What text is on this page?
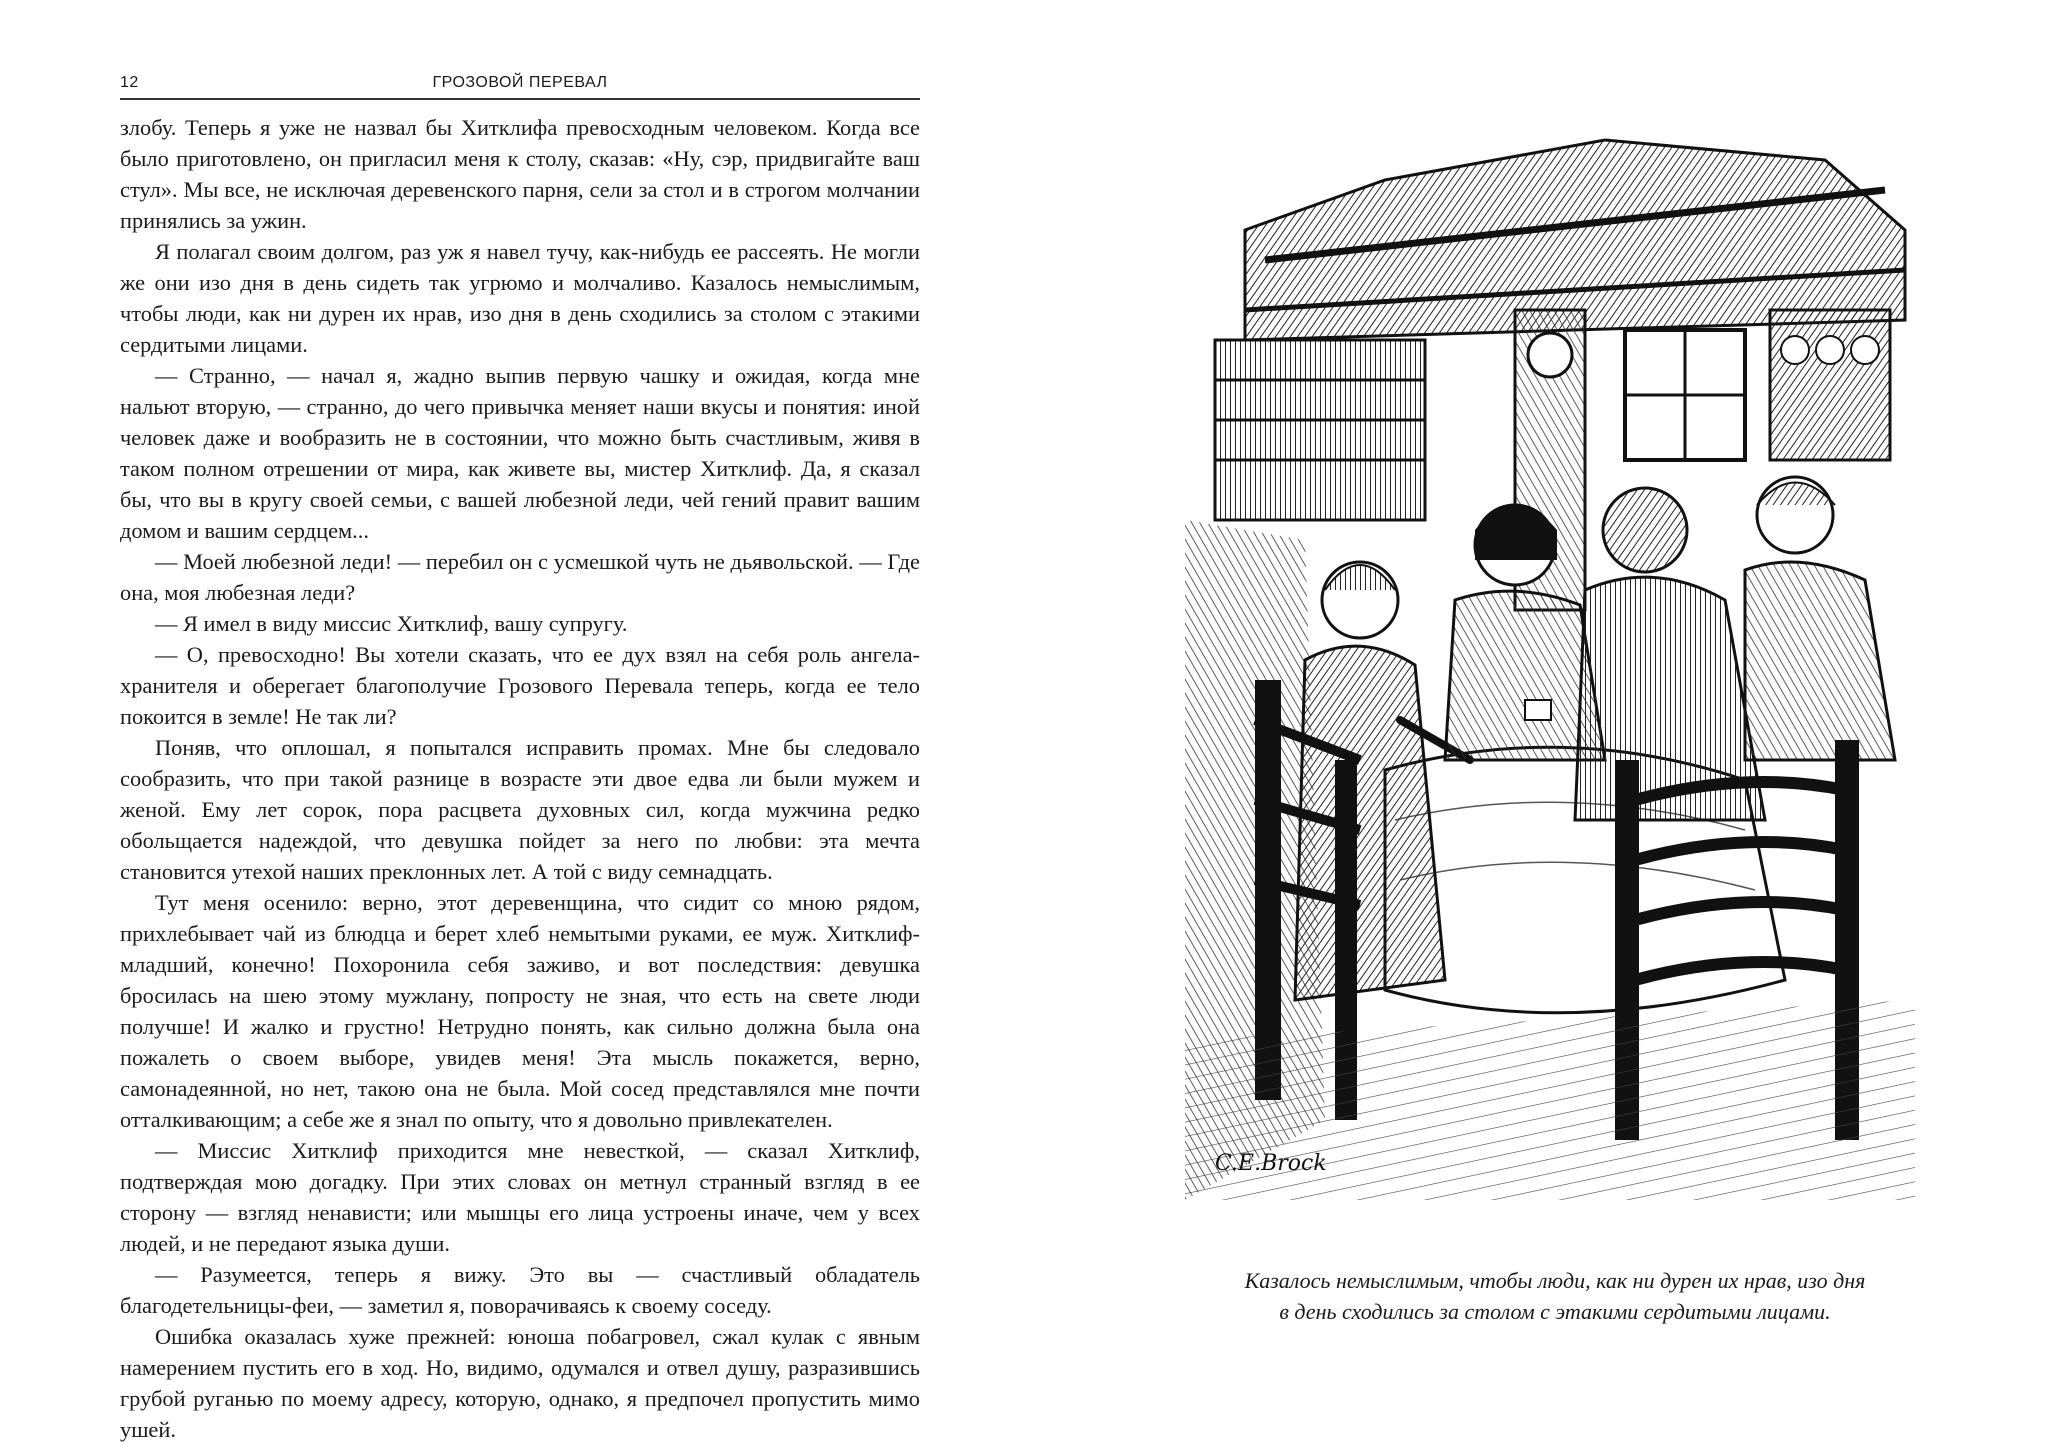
12	ГРОЗОВОЙ ПЕРЕВАЛ

злобу. Теперь я уже не назвал бы Хитклифа превосходным человеком. Когда все было приготовлено, он пригласил меня к столу, сказав: «Ну, сэр, придвигайте ваш стул». Мы все, не исключая деревенского парня, сели за стол и в строгом молчании принялись за ужин.

Я полагал своим долгом, раз уж я навел тучу, как-нибудь ее рассеять. Не могли же они изо дня в день сидеть так угрюмо и молчаливо. Казалось немыслимым, чтобы люди, как ни дурен их нрав, изо дня в день сходились за столом с этакими сердитыми лицами.

— Странно, — начал я, жадно выпив первую чашку и ожидая, когда мне нальют вторую, — странно, до чего привычка меняет наши вкусы и понятия: иной человек даже и вообразить не в состоянии, что можно быть счастливым, живя в таком полном отрешении от мира, как живете вы, мистер Хитклиф. Да, я сказал бы, что вы в кругу своей семьи, с вашей любезной леди, чей гений правит вашим домом и вашим сердцем...

— Моей любезной леди! — перебил он с усмешкой чуть не дьявольской. — Где она, моя любезная леди?

— Я имел в виду миссис Хитклиф, вашу супругу.

— О, превосходно! Вы хотели сказать, что ее дух взял на себя роль ангела-хранителя и оберегает благополучие Грозового Перевала теперь, когда ее тело покоится в земле! Не так ли?

Поняв, что оплошал, я попытался исправить промах. Мне бы следовало сообразить, что при такой разнице в возрасте эти двое едва ли были мужем и женой. Ему лет сорок, пора расцвета духовных сил, когда мужчина редко обольщается надеждой, что девушка пойдет за него по любви: эта мечта становится утехой наших преклонных лет. А той с виду семнадцать.

Тут меня осенило: верно, этот деревенщина, что сидит со мною рядом, прихлебывает чай из блюдца и берет хлеб немытыми руками, ее муж. Хитклиф-младший, конечно! Похоронила себя заживо, и вот последствия: девушка бросилась на шею этому мужлану, попросту не зная, что есть на свете люди получше! И жалко и грустно! Нетрудно понять, как сильно должна была она пожалеть о своем выборе, увидев меня! Эта мысль покажется, верно, самонадеянной, но нет, такою она не была. Мой сосед представлялся мне почти отталкивающим; а себе же я знал по опыту, что я довольно привлекателен.

— Миссис Хитклиф приходится мне невесткой, — сказал Хитклиф, подтверждая мою догадку. При этих словах он метнул странный взгляд в ее сторону — взгляд ненависти; или мышцы его лица устроены иначе, чем у всех людей, и не передают языка души.

— Разумеется, теперь я вижу. Это вы — счастливый обладатель благодетельницы-феи, — заметил я, поворачиваясь к своему соседу.

Ошибка оказалась хуже прежней: юноша побагровел, сжал кулак с явным намерением пустить его в ход. Но, видимо, одумался и отвел душу, разразившись грубой руганью по моему адресу, которую, однако, я предпочел пропустить мимо ушей.

C.E.Brock
Казалось немыслимым, чтобы люди, как ни дурен их нрав, изо дня
в день сходились за столом с этакими сердитыми лицами.
